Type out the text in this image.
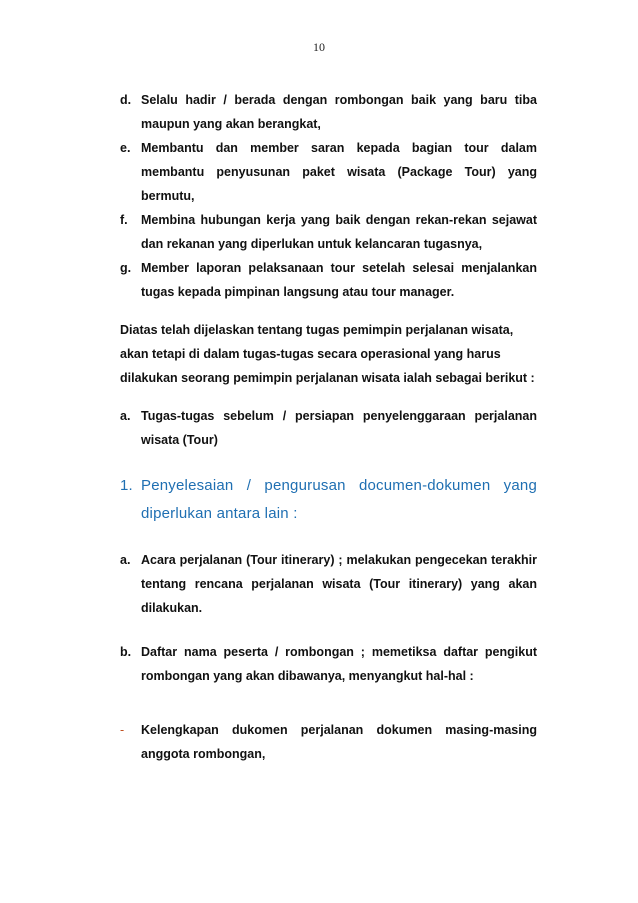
10
d. Selalu hadir / berada dengan rombongan baik yang baru tiba maupun yang akan berangkat,
e. Membantu dan member saran kepada bagian tour dalam membantu penyusunan paket wisata (Package Tour) yang bermutu,
f.	Membina hubungan kerja yang baik dengan rekan-rekan sejawat dan rekanan yang diperlukan untuk kelancaran tugasnya,
g. Member laporan pelaksanaan tour setelah selesai menjalankan tugas kepada pimpinan langsung atau tour manager.
Diatas telah dijelaskan tentang tugas pemimpin perjalanan wisata, akan tetapi di dalam tugas-tugas secara operasional yang harus dilakukan seorang pemimpin perjalanan wisata ialah sebagai berikut :
a. Tugas-tugas sebelum / persiapan penyelenggaraan perjalanan wisata (Tour)
1. Penyelesaian / pengurusan documen-dokumen yang diperlukan antara lain :
a. Acara perjalanan (Tour itinerary) ; melakukan pengecekan terakhir tentang rencana perjalanan wisata (Tour itinerary) yang akan dilakukan.
b. Daftar nama peserta / rombongan ; memetiksa daftar pengikut rombongan yang akan dibawanya, menyangkut hal-hal :
-	Kelengkapan dukomen perjalanan dokumen masing-masing anggota rombongan,
